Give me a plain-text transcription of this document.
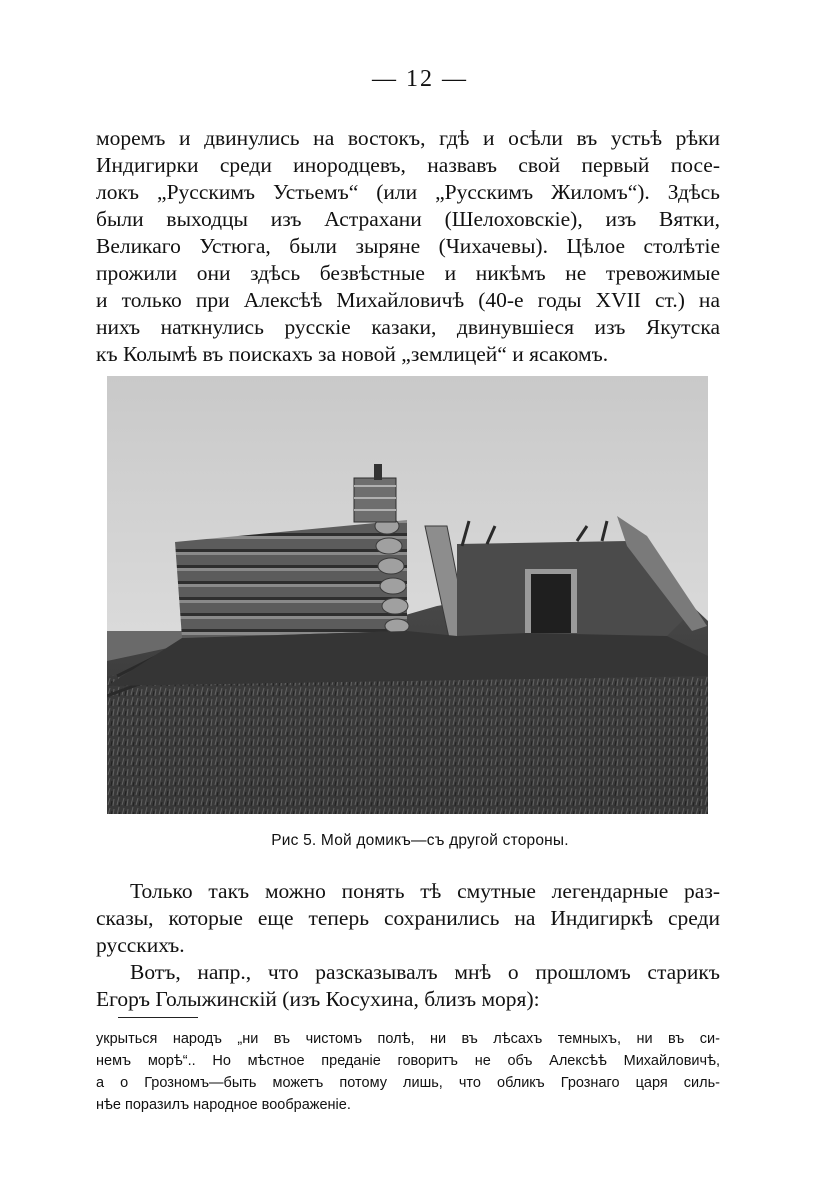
— 12 —
моремъ и двинулись на востокъ, гдѣ и осѣли въ устьѣ рѣки
Индигирки среди инородцевъ, назвавъ свой первый посе-
локъ „Русскимъ Устьемъ“ (или „Русскимъ Жиломъ“). Здѣсь
были выходцы изъ Астрахани (Шелоховскіе), изъ Вятки,
Великаго Устюга, были зыряне (Чихачевы). Цѣлое столѣтіе
прожили они здѣсь безвѣстные и никѣмъ не тревожимые
и только при Алексѣѣ Михайловичѣ (40-е годы XVII ст.) на
нихъ наткнулись русскіе казаки, двинувшіеся изъ Якутска
къ Колымѣ въ поискахъ за новой „землицей“ и ясакомъ.
Рис 5. Мой домикъ—съ другой стороны.
Только такъ можно понять тѣ смутные легендарные раз-
сказы, которые еще теперь сохранились на Индигиркѣ среди
русскихъ.
Вотъ, напр., что разсказывалъ мнѣ о прошломъ старикъ
Егоръ Голыжинскій (изъ Косухина, близъ моря):
укрыться народъ „ни въ чистомъ полѣ, ни въ лѣсахъ темныхъ, ни въ си-
немъ морѣ“.. Но мѣстное преданіе говоритъ не объ Алексѣѣ Михайловичѣ,
а о Грозномъ—быть можетъ потому лишь, что обликъ Грознаго царя силь-
нѣе поразилъ народное воображеніе.
